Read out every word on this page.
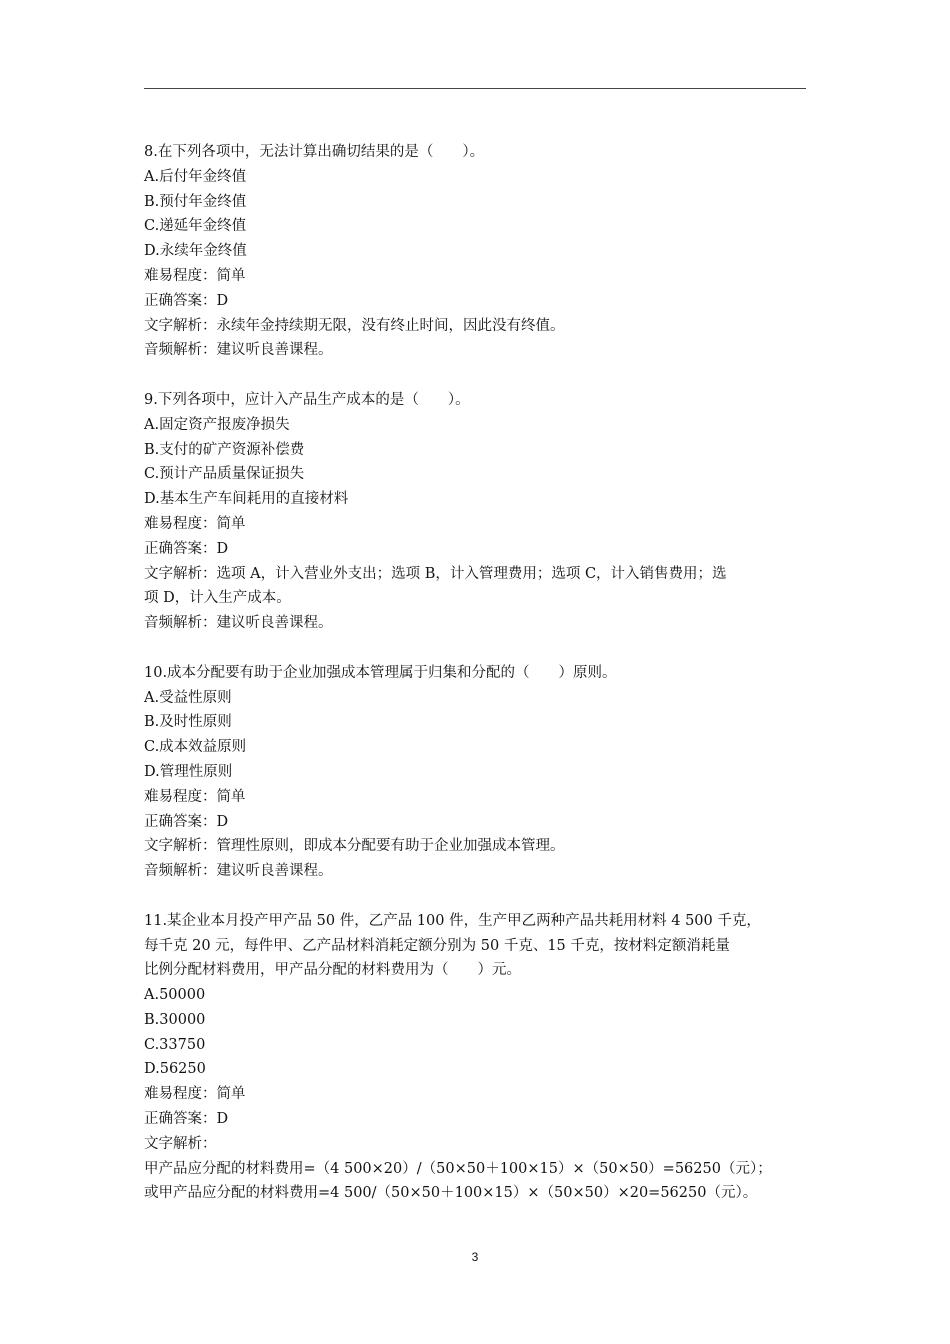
8.在下列各项中，无法计算出确切结果的是（　　）。
A.后付年金终值
B.预付年金终值
C.递延年金终值
D.永续年金终值
难易程度：简单
正确答案：D
文字解析：永续年金持续期无限，没有终止时间，因此没有终值。
音频解析：建议听良善课程。
9.下列各项中，应计入产品生产成本的是（　　）。
A.固定资产报废净损失
B.支付的矿产资源补偿费
C.预计产品质量保证损失
D.基本生产车间耗用的直接材料
难易程度：简单
正确答案：D
文字解析：选项 A，计入营业外支出；选项 B，计入管理费用；选项 C，计入销售费用；选
项 D，计入生产成本。
音频解析：建议听良善课程。
10.成本分配要有助于企业加强成本管理属于归集和分配的（　　）原则。
A.受益性原则
B.及时性原则
C.成本效益原则
D.管理性原则
难易程度：简单
正确答案：D
文字解析：管理性原则，即成本分配要有助于企业加强成本管理。
音频解析：建议听良善课程。
11.某企业本月投产甲产品 50 件，乙产品 100 件，生产甲乙两种产品共耗用材料 4 500 千克，
每千克 20 元，每件甲、乙产品材料消耗定额分别为 50 千克、15 千克，按材料定额消耗量
比例分配材料费用，甲产品分配的材料费用为（　　）元。
A.50000
B.30000
C.33750
D.56250
难易程度：简单
正确答案：D
文字解析：
甲产品应分配的材料费用=（4 500×20）/（50×50＋100×15）×（50×50）=56250（元）；
或甲产品应分配的材料费用=4 500/（50×50＋100×15）×（50×50）×20=56250（元）。
3
